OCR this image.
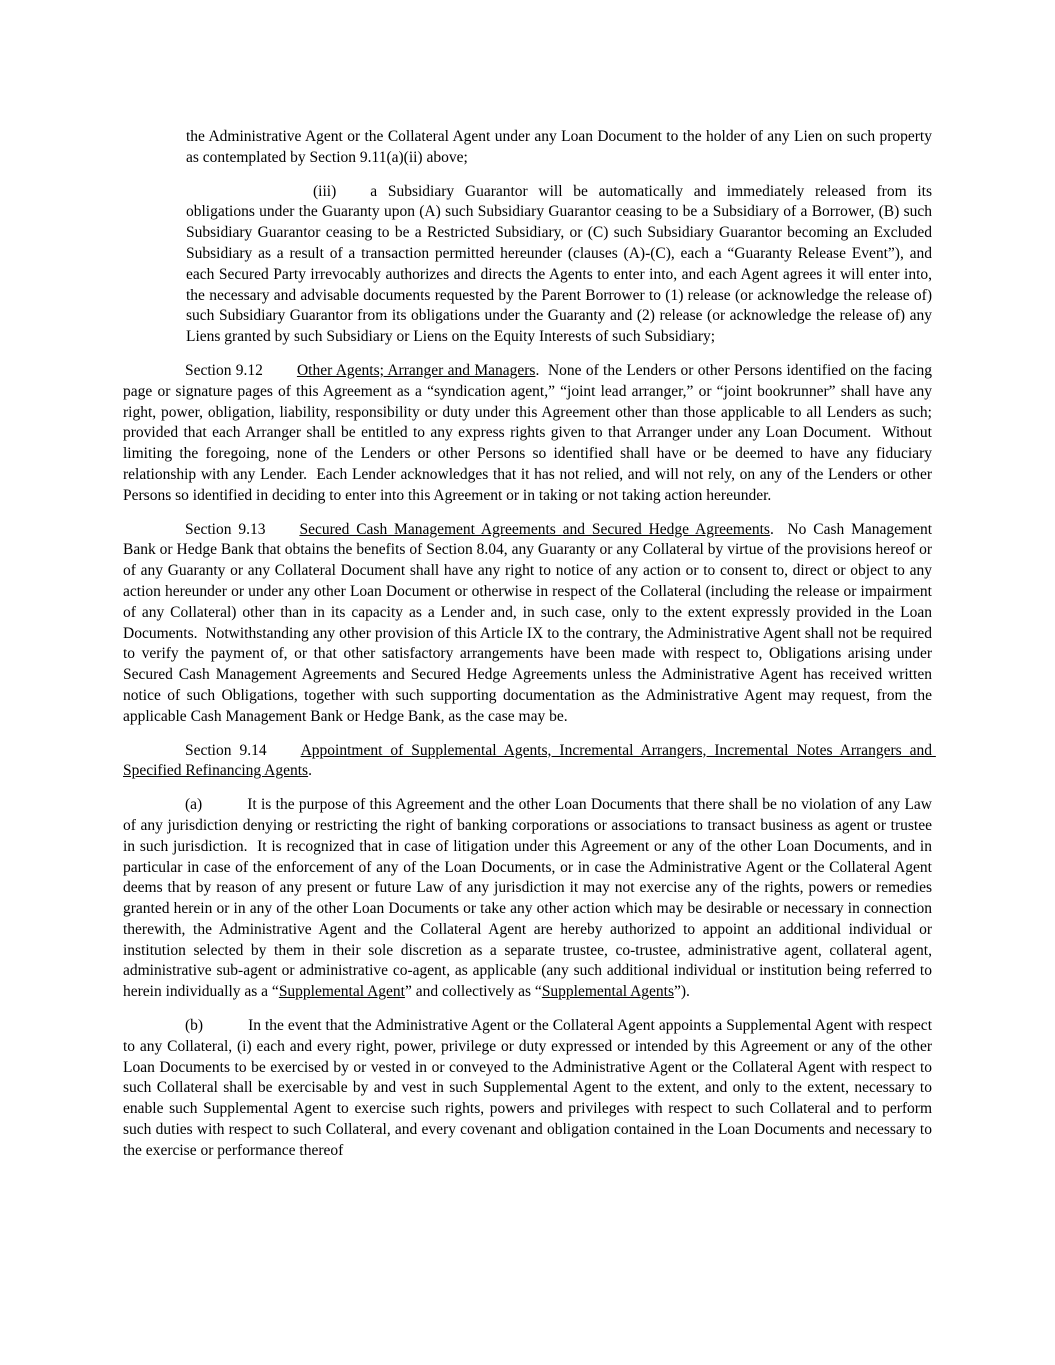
the Administrative Agent or the Collateral Agent under any Loan Document to the holder of any Lien on such property as contemplated by Section 9.11(a)(ii) above;

(iii) a Subsidiary Guarantor will be automatically and immediately released from its obligations under the Guaranty upon (A) such Subsidiary Guarantor ceasing to be a Subsidiary of a Borrower, (B) such Subsidiary Guarantor ceasing to be a Restricted Subsidiary, or (C) such Subsidiary Guarantor becoming an Excluded Subsidiary as a result of a transaction permitted hereunder (clauses (A)-(C), each a “Guaranty Release Event”), and each Secured Party irrevocably authorizes and directs the Agents to enter into, and each Agent agrees it will enter into, the necessary and advisable documents requested by the Parent Borrower to (1) release (or acknowledge the release of) such Subsidiary Guarantor from its obligations under the Guaranty and (2) release (or acknowledge the release of) any Liens granted by such Subsidiary or Liens on the Equity Interests of such Subsidiary;

Section 9.12 Other Agents; Arranger and Managers.  None of the Lenders or other Persons identified on the facing page or signature pages of this Agreement as a “syndication agent,” “joint lead arranger,” or “joint bookrunner” shall have any right, power, obligation, liability, responsibility or duty under this Agreement other than those applicable to all Lenders as such; provided that each Arranger shall be entitled to any express rights given to that Arranger under any Loan Document.  Without limiting the foregoing, none of the Lenders or other Persons so identified shall have or be deemed to have any fiduciary relationship with any Lender.  Each Lender acknowledges that it has not relied, and will not rely, on any of the Lenders or other Persons so identified in deciding to enter into this Agreement or in taking or not taking action hereunder.

Section 9.13 Secured Cash Management Agreements and Secured Hedge Agreements.  No Cash Management Bank or Hedge Bank that obtains the benefits of Section 8.04, any Guaranty or any Collateral by virtue of the provisions hereof or of any Guaranty or any Collateral Document shall have any right to notice of any action or to consent to, direct or object to any action hereunder or under any other Loan Document or otherwise in respect of the Collateral (including the release or impairment of any Collateral) other than in its capacity as a Lender and, in such case, only to the extent expressly provided in the Loan Documents.  Notwithstanding any other provision of this Article IX to the contrary, the Administrative Agent shall not be required to verify the payment of, or that other satisfactory arrangements have been made with respect to, Obligations arising under Secured Cash Management Agreements and Secured Hedge Agreements unless the Administrative Agent has received written notice of such Obligations, together with such supporting documentation as the Administrative Agent may request, from the applicable Cash Management Bank or Hedge Bank, as the case may be.

Section 9.14 Appointment of Supplemental Agents, Incremental Arrangers, Incremental Notes Arrangers and Specified Refinancing Agents.

(a)	It is the purpose of this Agreement and the other Loan Documents that there shall be no violation of any Law of any jurisdiction denying or restricting the right of banking corporations or associations to transact business as agent or trustee in such jurisdiction.  It is recognized that in case of litigation under this Agreement or any of the other Loan Documents, and in particular in case of the enforcement of any of the Loan Documents, or in case the Administrative Agent or the Collateral Agent deems that by reason of any present or future Law of any jurisdiction it may not exercise any of the rights, powers or remedies granted herein or in any of the other Loan Documents or take any other action which may be desirable or necessary in connection therewith, the Administrative Agent and the Collateral Agent are hereby authorized to appoint an additional individual or institution selected by them in their sole discretion as a separate trustee, co-trustee, administrative agent, collateral agent, administrative sub-agent or administrative co-agent, as applicable (any such additional individual or institution being referred to herein individually as a “Supplemental Agent” and collectively as “Supplemental Agents”).

(b)	In the event that the Administrative Agent or the Collateral Agent appoints a Supplemental Agent with respect to any Collateral, (i) each and every right, power, privilege or duty expressed or intended by this Agreement or any of the other Loan Documents to be exercised by or vested in or conveyed to the Administrative Agent or the Collateral Agent with respect to such Collateral shall be exercisable by and vest in such Supplemental Agent to the extent, and only to the extent, necessary to enable such Supplemental Agent to exercise such rights, powers and privileges with respect to such Collateral and to perform such duties with respect to such Collateral, and every covenant and obligation contained in the Loan Documents and necessary to the exercise or performance thereof
